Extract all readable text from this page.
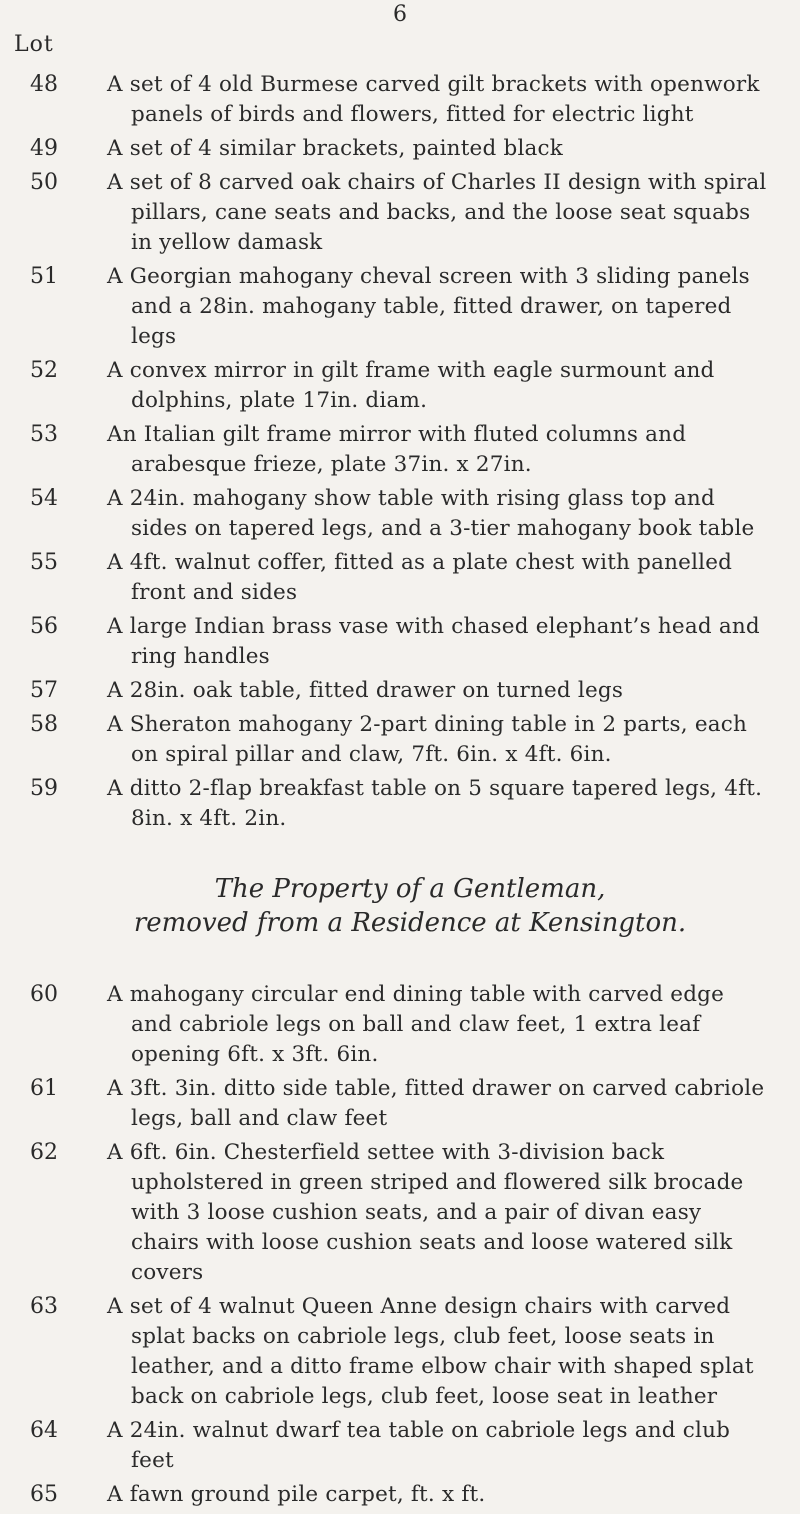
6
Lot
48	A set of 4 old Burmese carved gilt brackets with openwork panels of birds and flowers, fitted for electric light
49	A set of 4 similar brackets, painted black
50	A set of 8 carved oak chairs of Charles II design with spiral pillars, cane seats and backs, and the loose seat squabs in yellow damask
51	A Georgian mahogany cheval screen with 3 sliding panels and a 28in. mahogany table, fitted drawer, on tapered legs
52	A convex mirror in gilt frame with eagle surmount and dolphins, plate 17in. diam.
53	An Italian gilt frame mirror with fluted columns and arabesque frieze, plate 37in. x 27in.
54	A 24in. mahogany show table with rising glass top and sides on tapered legs, and a 3-tier mahogany book table
55	A 4ft. walnut coffer, fitted as a plate chest with panelled front and sides
56	A large Indian brass vase with chased elephant’s head and ring handles
57	A 28in. oak table, fitted drawer on turned legs
58	A Sheraton mahogany 2-part dining table in 2 parts, each on spiral pillar and claw, 7ft. 6in. x 4ft. 6in.
59	A ditto 2-flap breakfast table on 5 square tapered legs, 4ft. 8in. x 4ft. 2in.
The Property of a Gentleman,
removed from a Residence at Kensington.
60	A mahogany circular end dining table with carved edge and cabriole legs on ball and claw feet, 1 extra leaf opening 6ft. x 3ft. 6in.
61	A 3ft. 3in. ditto side table, fitted drawer on carved cabriole legs, ball and claw feet
62	A 6ft. 6in. Chesterfield settee with 3-division back upholstered in green striped and flowered silk brocade with 3 loose cushion seats, and a pair of divan easy chairs with loose cushion seats and loose watered silk covers
63	A set of 4 walnut Queen Anne design chairs with carved splat backs on cabriole legs, club feet, loose seats in leather, and a ditto frame elbow chair with shaped splat back on cabriole legs, club feet, loose seat in leather
64	A 24in. walnut dwarf tea table on cabriole legs and club feet
65	A fawn ground pile carpet, ft. x ft.
